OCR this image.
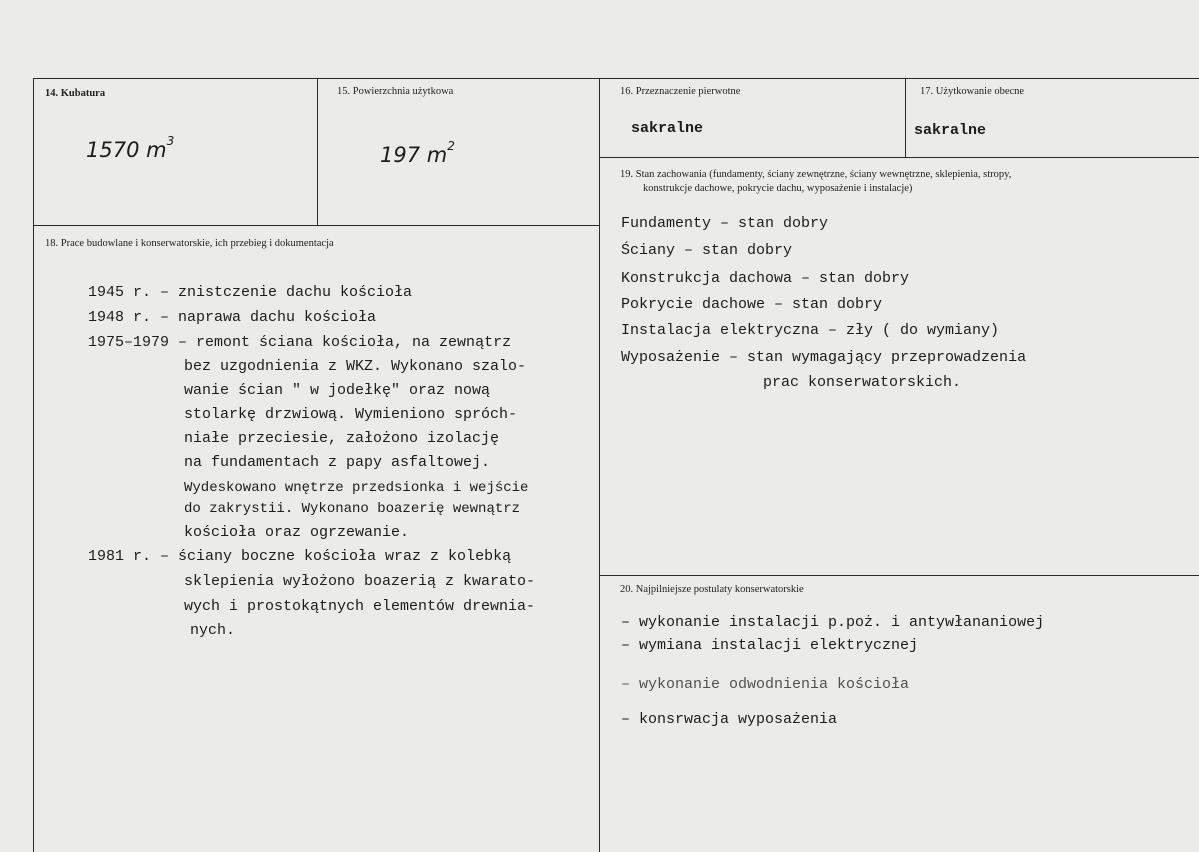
14. Kubatura
1570 $m^3$
15. Powierzchnia użytkowa
197 $m^2$
16. Przeznaczenie pierwotne
sakralne
17. Użytkowanie obecne
sakralne
18. Prace budowlane i konserwatorskie, ich przebieg i dokumentacja
1945 r. – znistczenie dachu kościoła
1948 r. – naprawa dachu kościoła
1975–1979 – remont ściana kościoła, na zewnątrz
bez uzgodnienia z WKZ. Wykonano szalo-
wanie ścian " w jodełkę" oraz nową
stolarkę drzwiową. Wymieniono spróch-
niałe przeciesie, założono izolację
na fundamentach z papy asfaltowej.
Wydeskowano wnętrze przedsionka i wejście
do zakrystii. Wykonano boazerię wewnątrz
kościoła oraz ogrzewanie.
1981 r. – ściany boczne kościoła wraz z kolebką
sklepienia wyłożono boazerią z kwarato-
wych i prostokątnych elementów drewnia-
nych.
19. Stan zachowania (fundamenty, ściany zewnętrzne, ściany wewnętrzne, sklepienia, stropy,
konstrukcje dachowe, pokrycie dachu, wyposażenie i instalacje)
Fundamenty – stan dobry
Ściany – stan dobry
Konstrukcja dachowa – stan dobry
Pokrycie dachowe – stan dobry
Instalacja elektryczna – zły ( do wymiany)
Wyposażenie – stan wymagający przeprowadzenia
prac konserwatorskich.
20. Najpilniejsze postulaty konserwatorskie
– wykonanie instalacji p.poż. i antywłananiowej
– wymiana instalacji elektrycznej
– wykonanie odwodnienia kościoła
– konsrwacja wyposażenia
